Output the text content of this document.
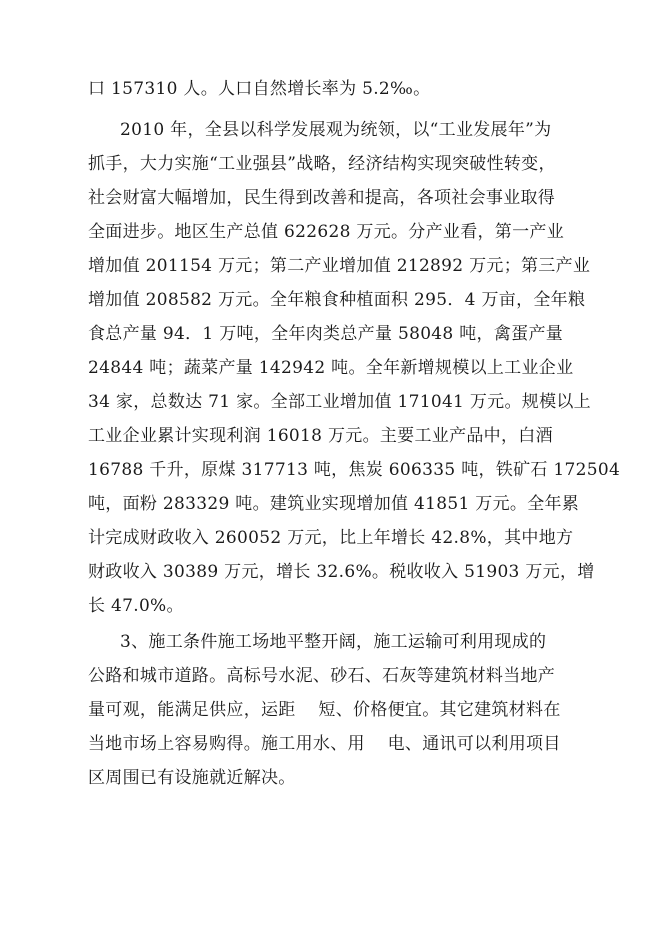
口 157310 人。人口自然增长率为 5.2‰。
2010 年，全县以科学发展观为统领，以“工业发展年”为
抓手，大力实施“工业强县”战略，经济结构实现突破性转变，
社会财富大幅增加，民生得到改善和提高，各项社会事业取得
全面进步。地区生产总值 622628 万元。分产业看，第一产业
增加值 201154 万元；第二产业增加值 212892 万元；第三产业
增加值 208582 万元。全年粮食种植面积 295．4 万亩，全年粮
食总产量 94．1 万吨，全年肉类总产量 58048 吨，禽蛋产量
24844 吨；蔬菜产量 142942 吨。全年新增规模以上工业企业
34 家，总数达 71 家。全部工业增加值 171041 万元。规模以上
工业企业累计实现利润 16018 万元。主要工业产品中，白酒
16788 千升，原煤 317713 吨，焦炭 606335 吨，铁矿石 172504
吨，面粉 283329 吨。建筑业实现增加值 41851 万元。全年累
计完成财政收入 260052 万元，比上年增长 42.8%，其中地方
财政收入 30389 万元，增长 32.6%。税收收入 51903 万元，增
长 47.0%。
3、施工条件施工场地平整开阔，施工运输可利用现成的
公路和城市道路。高标号水泥、砂石、石灰等建筑材料当地产
量可观，能满足供应，运距    短、价格便宜。其它建筑材料在
当地市场上容易购得。施工用水、用    电、通讯可以利用项目
区周围已有设施就近解决。
